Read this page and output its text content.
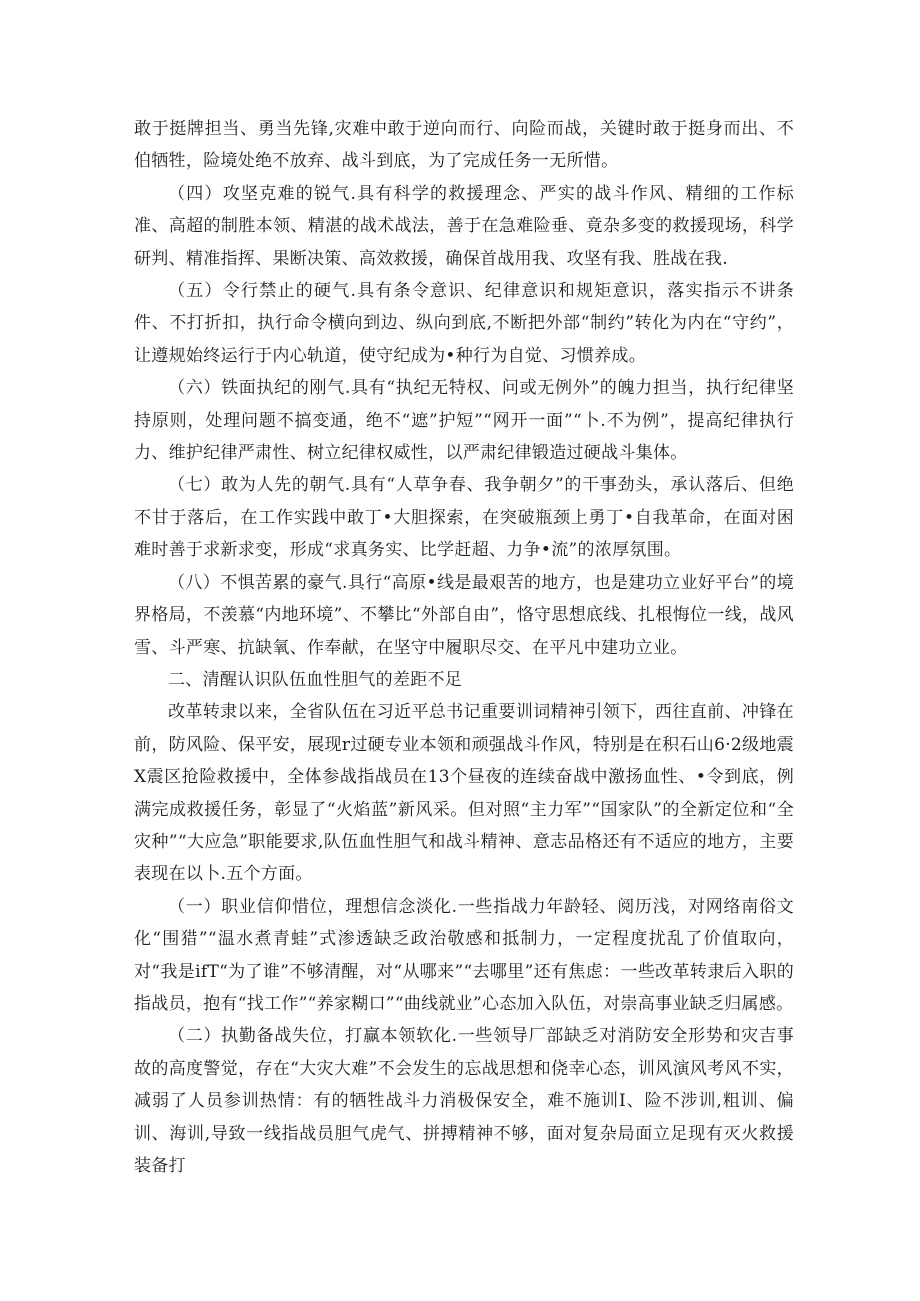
敢于挺牌担当、勇当先锋,灾难中敢于逆向而行、向险而战，关键时敢于挺身而出、不伯牺牲，险境处绝不放弃、战斗到底，为了完成任务一无所惜。

（四）攻坚克难的锐气.具有科学的救援理念、严实的战斗作风、精细的工作标准、高超的制胜本领、精湛的战术战法，善于在急难险垂、竟杂多变的救援现场，科学研判、精准指挥、果断决策、高效救援，确保首战用我、攻坚有我、胜战在我.

（五）令行禁止的硬气.具有条令意识、纪律意识和规矩意识，落实指示不讲条件、不打折扣，执行命令横向到边、纵向到底,不断把外部“制约”转化为内在“守约”，让遵规始终运行于内心轨道，使守纪成为•种行为自觉、习惯养成。

（六）铁面执纪的刚气.具有“执纪无特权、问或无例外”的魄力担当，执行纪律坚持原则，处理问题不搞变通，绝不“遮”护短”“网开一面”“卜.不为例”，提高纪律执行力、维护纪律严肃性、树立纪律权威性，以严肃纪律锻造过硬战斗集体。

（七）敢为人先的朝气.具有“人草争春、我争朝夕”的干事劲头，承认落后、但绝不甘于落后，在工作实践中敢丁•大胆探索，在突破瓶颈上勇丁•自我革命，在面对困难时善于求新求变，形成“求真务实、比学赶超、力争•流”的浓厚氛围。

（八）不惧苦累的豪气.具行“高原•线是最艰苦的地方，也是建功立业好平台”的境界格局，不羡慕“内地环境”、不攀比“外部自由”，恪守思想底线、扎根悔位一线，战风雪、斗严寒、抗缺氧、作奉献，在坚守中履职尽交、在平凡中建功立业。

二、清醒认识队伍血性胆气的差距不足

改革转隶以来，全省队伍在习近平总书记重要训词精神引领下，西往直前、冲锋在前，防风险、保平安，展现r过硬专业本领和顽强战斗作风，特别是在积石山6·2级地震X震区抢险救援中，全体参战指战员在13个昼夜的连续奋战中激扬血性、•令到底，例满完成救援任务，彰显了“火焰蓝”新风采。但对照“主力军”“国家队”的全新定位和“全灾种”“大应急”职能要求,队伍血性胆气和战斗精神、意志品格还有不适应的地方，主要表现在以卜.五个方面。

（一）职业信仰惜位，理想信念淡化.一些指战力年龄轻、阅历浅，对网络南俗文化“围猎”“温水煮青蛙”式渗透缺乏政治敬感和抵制力，一定程度扰乱了价值取向，对“我是ifT“为了谁”不够清醒，对“从哪来”“去哪里”还有焦虑：一些改革转隶后入职的指战员，抱有“找工作”“养家糊口”“曲线就业”心态加入队伍，对崇高事业缺乏归属感。

（二）执勤备战失位，打赢本领软化.一些领导厂部缺乏对消防安全形势和灾吉事故的高度警觉，存在“大灾大难”不会发生的忘战思想和侥幸心态，训风演风考风不实，减弱了人员参训热情：有的牺牲战斗力消极保安全，难不施训I、险不涉训,粗训、偏训、海训,导致一线指战员胆气虎气、拼搏精神不够，面对复杂局面立足现有灭火救援装备打
